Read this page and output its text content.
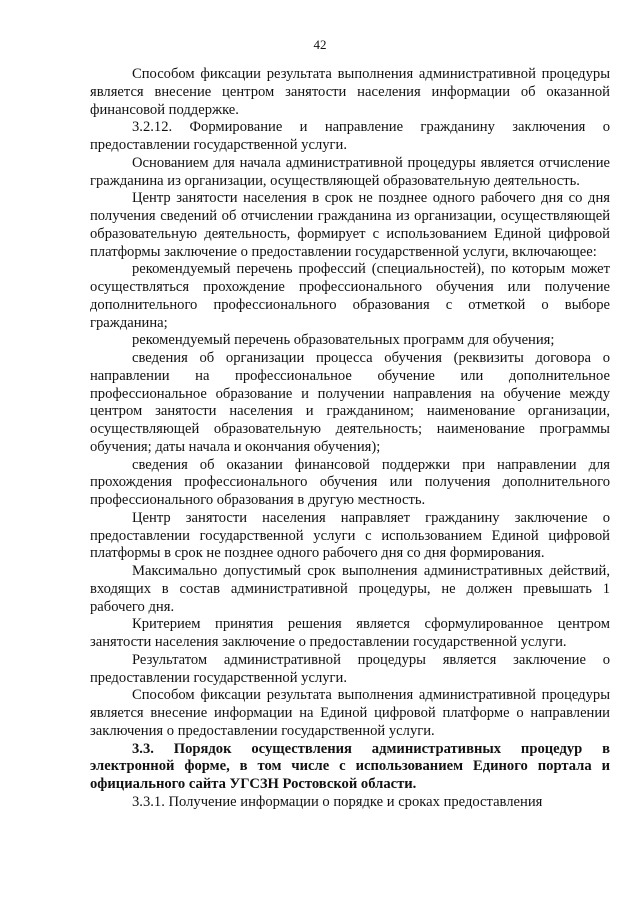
42

Способом фиксации результата выполнения административной процедуры является внесение центром занятости населения информации об оказанной финансовой поддержке.

3.2.12. Формирование и направление гражданину заключения о предоставлении государственной услуги.

Основанием для начала административной процедуры является отчисление гражданина из организации, осуществляющей образовательную деятельность.

Центр занятости населения в срок не позднее одного рабочего дня со дня получения сведений об отчислении гражданина из организации, осуществляющей образовательную деятельность, формирует с использованием Единой цифровой платформы заключение о предоставлении государственной услуги, включающее:

рекомендуемый перечень профессий (специальностей), по которым может осуществляться прохождение профессионального обучения или получение дополнительного профессионального образования с отметкой о выборе гражданина;

рекомендуемый перечень образовательных программ для обучения;

сведения об организации процесса обучения (реквизиты договора о направлении на профессиональное обучение или дополнительное профессиональное образование и получении направления на обучение между центром занятости населения и гражданином; наименование организации, осуществляющей образовательную деятельность; наименование программы обучения; даты начала и окончания обучения);

сведения об оказании финансовой поддержки при направлении для прохождения профессионального обучения или получения дополнительного профессионального образования в другую местность.

Центр занятости населения направляет гражданину заключение о предоставлении государственной услуги с использованием Единой цифровой платформы в срок не позднее одного рабочего дня со дня формирования.

Максимально допустимый срок выполнения административных действий, входящих в состав административной процедуры, не должен превышать 1 рабочего дня.

Критерием принятия решения является сформулированное центром занятости населения заключение о предоставлении государственной услуги.

Результатом административной процедуры является заключение о предоставлении государственной услуги.

Способом фиксации результата выполнения административной процедуры является внесение информации на Единой цифровой платформе о направлении заключения о предоставлении государственной услуги.

3.3. Порядок осуществления административных процедур в электронной форме, в том числе с использованием Единого портала и официального сайта УГСЗН Ростовской области.

3.3.1. Получение информации о порядке и сроках предоставления
